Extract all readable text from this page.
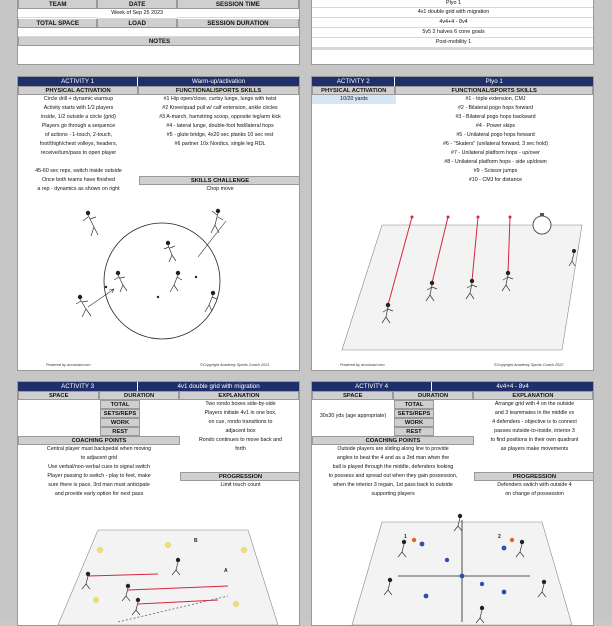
TEAM	DATE	SESSION TIME
Week of Sep 25 2023
TOTAL SPACE	LOAD	SESSION DURATION
NOTES
Plyo 1
4v1 double grid with migration
4v4+4 - 8v4
5v5 2 halves 6 cone goals
Post-mobility 1
ACTIVITY 1	Warm-up/activation
PHYSICAL ACTIVATION	FUNCTIONAL/SPORTS SKILLS
Circle drill + dynamic warmup
Activity starts with 1/2 players
inside, 1/2 outside a circle (grid)
Players go through a sequence
of actions - 1-touch, 2-touch,
foot/thigh/chest volleys, headers,
receive/turn/pass to open player
45-60 sec reps, switch inside outside
Once both teams have finished
a rep - dynamics as shown on right
#1 Hip open/close, curtsy lunge, lunge with twist
#2 Knee/quad pull w/ calf extension, ankle circles
#3 A-march, hamstring scoop, opposite leg/arm kick
#4 - lateral lunge, double-foot fwd/lateral hops
#5 - glute bridge, 4x20 sec planks 10 sec rest
#6 partner 10x Nordics, single leg RDL
SKILLS CHALLENGE
Chop move
Powered by accuload.com	©Copyright Academy Sports Coach 2021
ACTIVITY 2	Plyo 1
PHYSICAL ACTIVATION	FUNCTIONAL/SPORTS SKILLS
10/20 yards	#1 - triple extension, CMJ
#2 - Bilateral pogo hops forward
#3 - Bilateral pogo hops backward
#4 - Power skips
#5 - Unilateral pogo hops forward
#6 - "Skaters" (unilateral forward, 3 sec hold)
#7 - Unilateral platform hops - up/over
#8 - Unilateral platform hops - side up/down
#9 - Scissor jumps
#10 - CMJ for distance
Powered by accuload.com	©Copyright Academy Sports Coach 2022
ACTIVITY 3	4v1 double grid with migration
SPACE	DURATION	EXPLANATION
TOTAL
SETS/REPS
WORK
REST
COACHING POINTS
Central player must backpedal when moving
to adjacent grid
Use verbal/non-verbal cues to signal switch
Player passing to switch - play to feet, make
sure there is pace, 3rd man must anticipate
and provide early option for next pass
Two rondo boxes side-by-side
Players initiate 4v1 in one box,
on cue, rondo transitions to
adjacent box
Rondo continues to move back and
forth
PROGRESSION
Limit touch count
B
A
ACTIVITY 4	4v4+4 - 8v4
SPACE	DURATION	EXPLANATION
30x30 yds (age appropriate)
TOTAL
SETS/REPS
WORK
REST
COACHING POINTS
Outside players are sliding along line to provide
angles to beat the 4 and as a 3rd man when the
ball is played through the middle, defenders looking
to possess and spread out when they gain possession,
when the interior 3 regain, 1st pass back to outside
supporting players
Arrange grid with 4 on the outside
and 3 teammates in the middle vs
4 defenders - objective is to connect
passes outside-to-inside, interior 3
to find positions in their own quadrant
as players make movements
PROGRESSION
Defenders switch with outside 4
on change of possession
1	2
